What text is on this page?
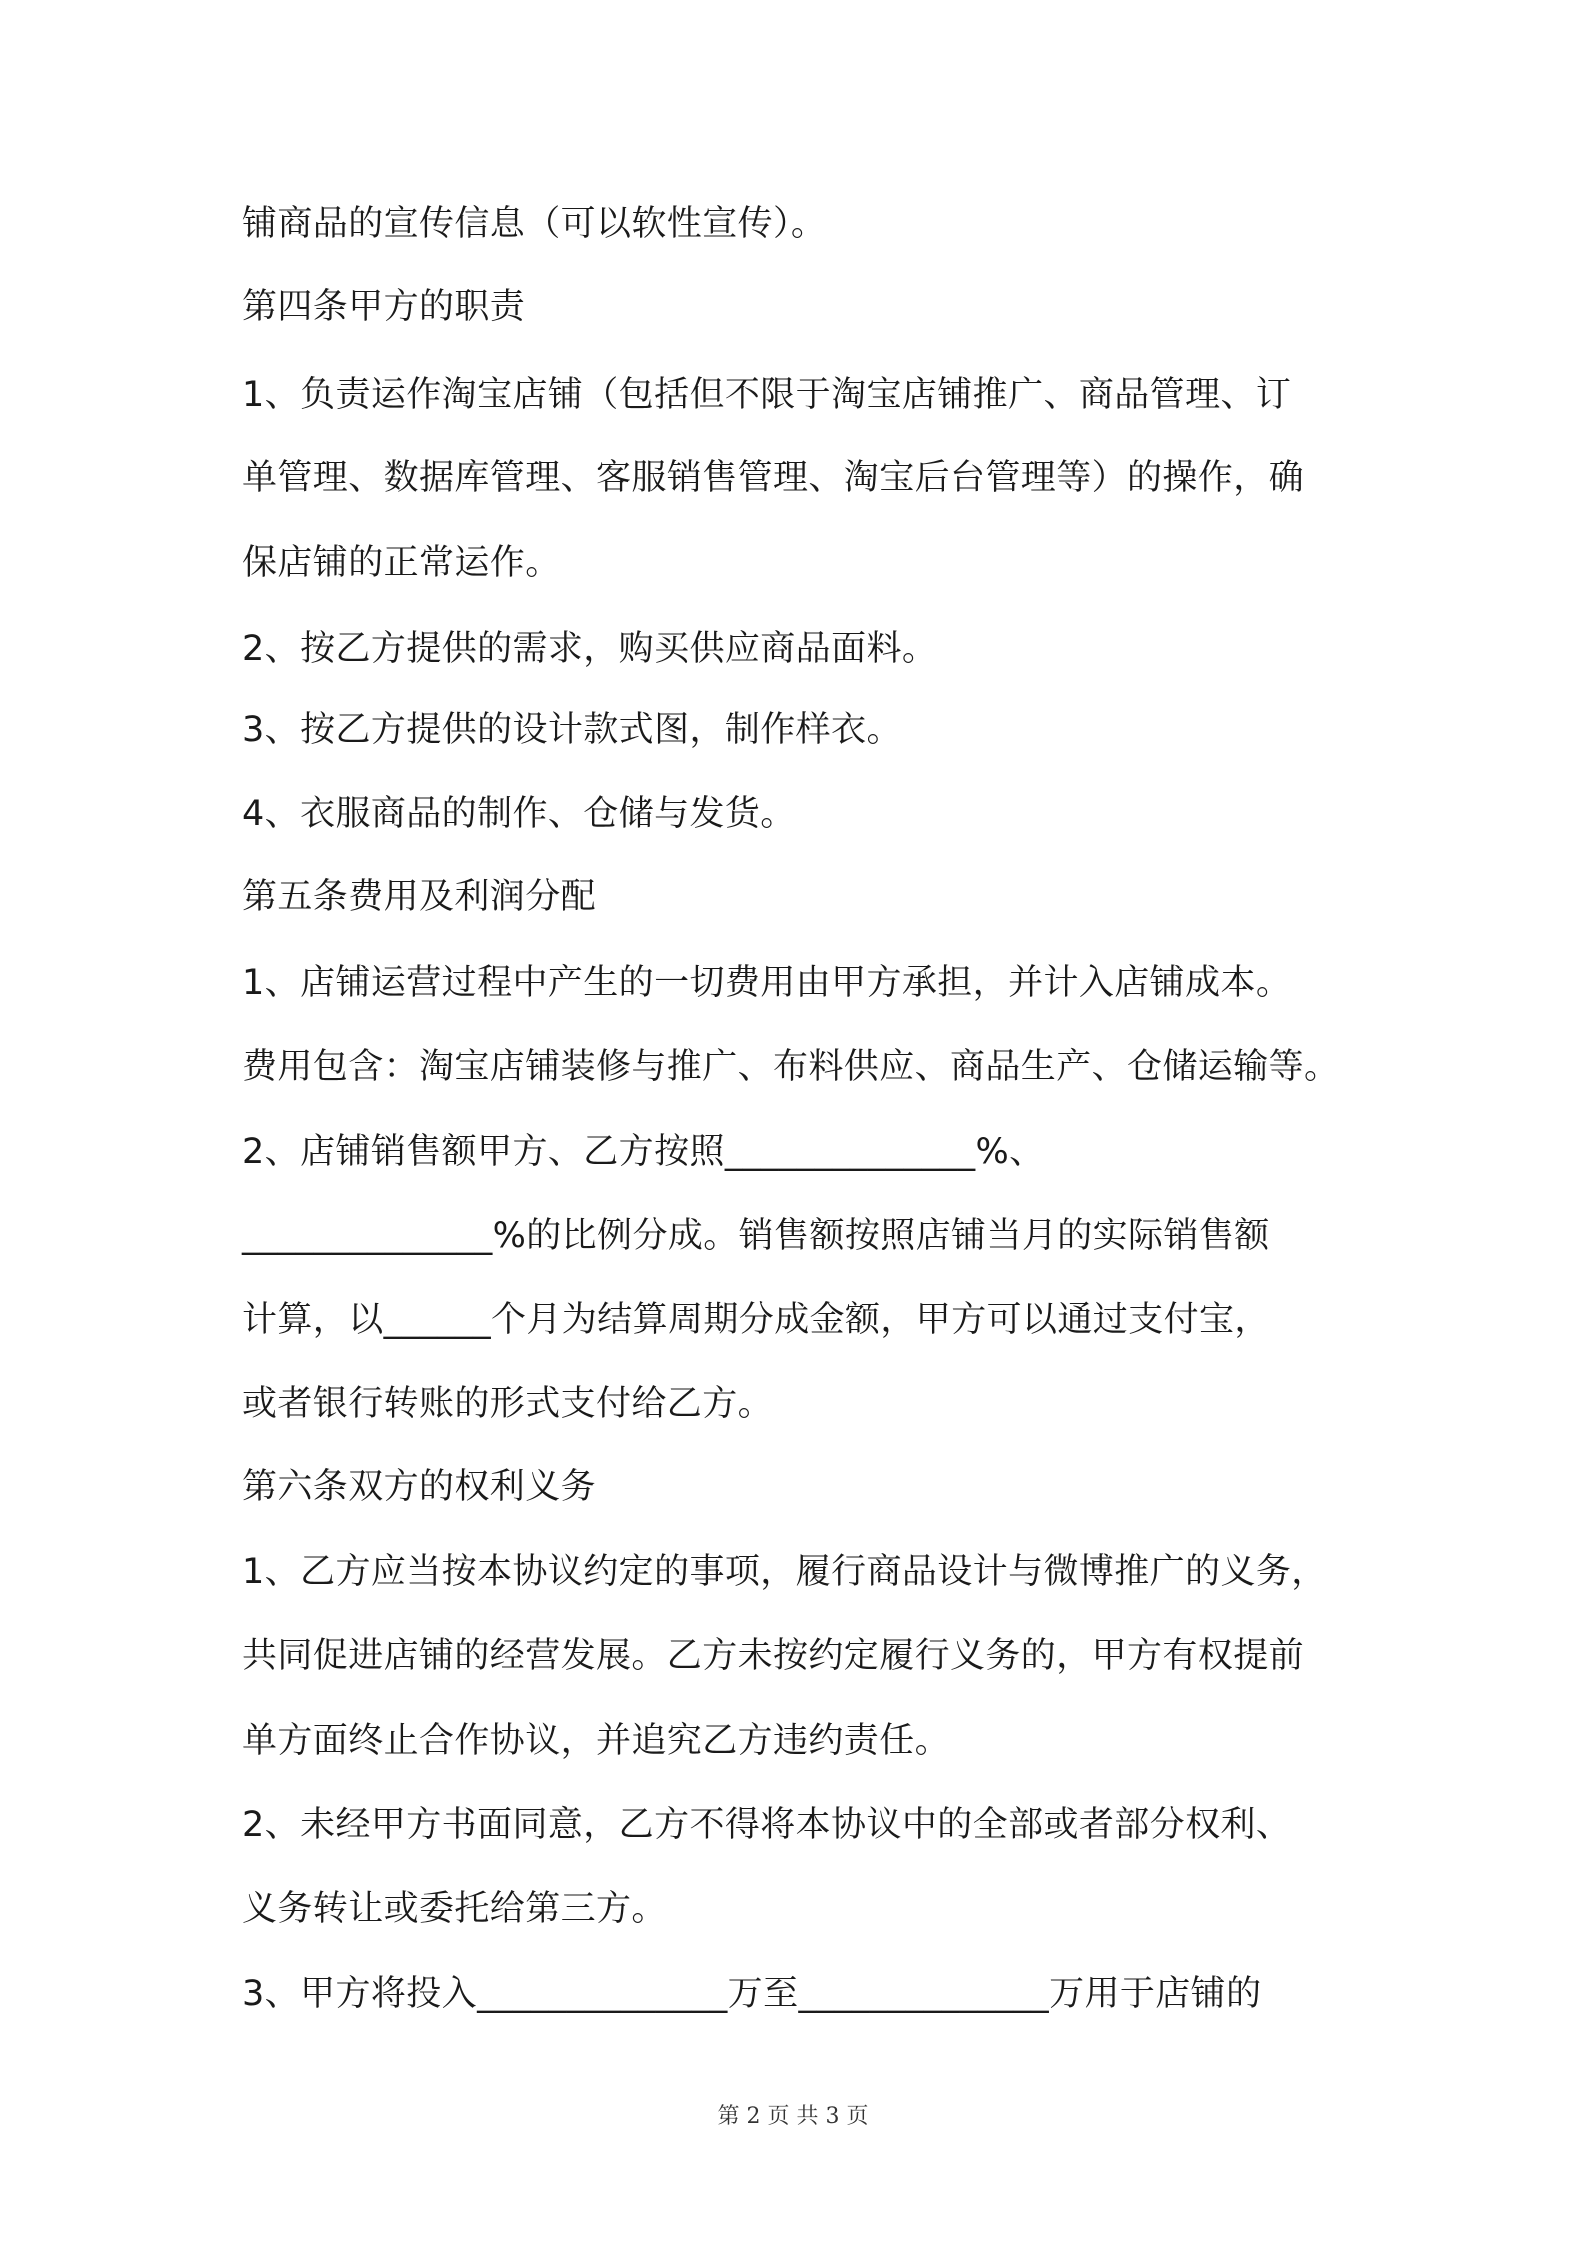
铺商品的宣传信息（可以软性宣传）。

第四条甲方的职责

1、负责运作淘宝店铺（包括但不限于淘宝店铺推广、商品管理、订

单管理、数据库管理、客服销售管理、淘宝后台管理等）的操作，确

保店铺的正常运作。

2、按乙方提供的需求，购买供应商品面料。

3、按乙方提供的设计款式图，制作样衣。

4、衣服商品的制作、仓储与发货。

第五条费用及利润分配

1、店铺运营过程中产生的一切费用由甲方承担，并计入店铺成本。

费用包含：淘宝店铺装修与推广、布料供应、商品生产、仓储运输等。

2、店铺销售额甲方、乙方按照______________%、

______________%的比例分成。销售额按照店铺当月的实际销售额

计算，以______个月为结算周期分成金额，甲方可以通过支付宝，

或者银行转账的形式支付给乙方。

第六条双方的权利义务

1、乙方应当按本协议约定的事项，履行商品设计与微博推广的义务，

共同促进店铺的经营发展。乙方未按约定履行义务的，甲方有权提前

单方面终止合作协议，并追究乙方违约责任。

2、未经甲方书面同意，乙方不得将本协议中的全部或者部分权利、

义务转让或委托给第三方。

3、甲方将投入______________万至______________万用于店铺的

第 2 页 共 3 页
